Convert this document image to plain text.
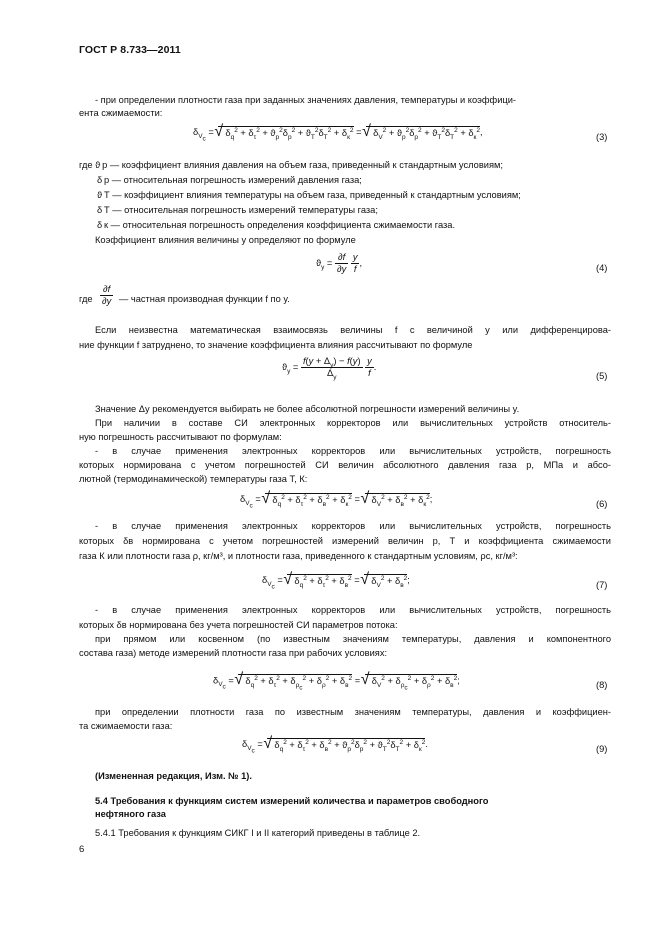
ГОСТ Р 8.733—2011
- при определении плотности газа при заданных значениях давления, температуры и коэффици-
ента сжимаемости:
$\delta_{V_c}$ = √ $\delta_q^2 + \delta_\tau^2 + ϑ_p^2\delta_p^2 + ϑ_T^2\delta_T^2 + \delta_к^2$ = √ $\delta_V^2 + ϑ_p^2\delta_p^2 + ϑ_T^2\delta_T^2 + \delta_к^2$,	(3)
где ϑ р — коэффициент влияния давления на объем газа, приведенный к стандартным условиям;
δ р — относительная погрешность измерений давления газа;
ϑ Т — коэффициент влияния температуры на объем газа, приведенный к стандартным условиям;
δ Т — относительная погрешность измерений температуры газа;
δ к — относительная погрешность определения коэффициента сжимаемости газа.
Коэффициент влияния величины y определяют по формуле
$ϑ_y = \frac{\partial f}{\partial y}$
$\frac{y}{f}$ ,	(4)
где $\frac{\partial f}{\partial y}$ — частная производная функции f по y.
Если неизвестна математическая взаимосвязь величины f с величиной y или дифференцирова-
ние функции f затруднено, то значение коэффициента влияния рассчитывают по формуле
$ϑ_y = \frac{f(y + \Delta_y) - f(y)}{\Delta_y}$
$\frac{y}{f}$ .
(5)
Значение Δy рекомендуется выбирать не более абсолютной погрешности измерений величины y.
При наличии в составе СИ электронных корректоров или вычислительных устройств относитель-
ную погрешность рассчитывают по формулам:
- в случае применения электронных корректоров или вычислительных устройств, погрешность
которых нормирована с учетом погрешностей СИ величин абсолютного давления газа р, МПа и абсо-
лютной (термодинамической) температуры газа Т, К:
$\delta_{V_c}$ = √ $\delta_q^2 + \delta_\tau^2 + \delta_в^2 + \delta_к^2$ = √ $\delta_V^2 + \delta_в^2 + \delta_к^2$;	(6)
- в случае применения электронных корректоров или вычислительных устройств, погрешность
которых δв нормирована с учетом погрешностей измерений величин р, Т и коэффициента сжимаемости
газа К или плотности газа ρ, кг/м³, и плотности газа, приведенного к стандартным условиям, ρс, кг/м³:
$\delta_{V_c}$ = √ $\delta_q^2 + \delta_\tau^2 + \delta_в^2$ = √ $\delta_V^2 + \delta_в^2$;	(7)
- в случае применения электронных корректоров или вычислительных устройств, погрешность
которых δв нормирована без учета погрешностей СИ параметров потока:
при прямом или косвенном (по известным значениям температуры, давления и компонентного
состава газа) методе измерений плотности газа при рабочих условиях:
$\delta_{V_c}$ = √ $\delta_q^2 + \delta_\tau^2 + \delta_{\rho_c}^2 + \delta_\rho^2 + \delta_в^2$ = √ $\delta_V^2 + \delta_{\rho_c}^2 + \delta_\rho^2 + \delta_в^2$;	(8)
при определении плотности газа по известным значениям температуры, давления и коэффициен-
та сжимаемости газа:
$\delta_{V_c}$ = √ $\delta_q^2 + \delta_\tau^2 + \delta_в^2 + ϑ_p^2\delta_p^2 + ϑ_T^2\delta_T^2 + \delta_к^2$.	(9)
(Измененная редакция, Изм. № 1).
5.4 Требования к функциям систем измерений количества и параметров свободного
нефтяного газа
5.4.1 Требования к функциям СИКГ I и II категорий приведены в таблице 2.
6
